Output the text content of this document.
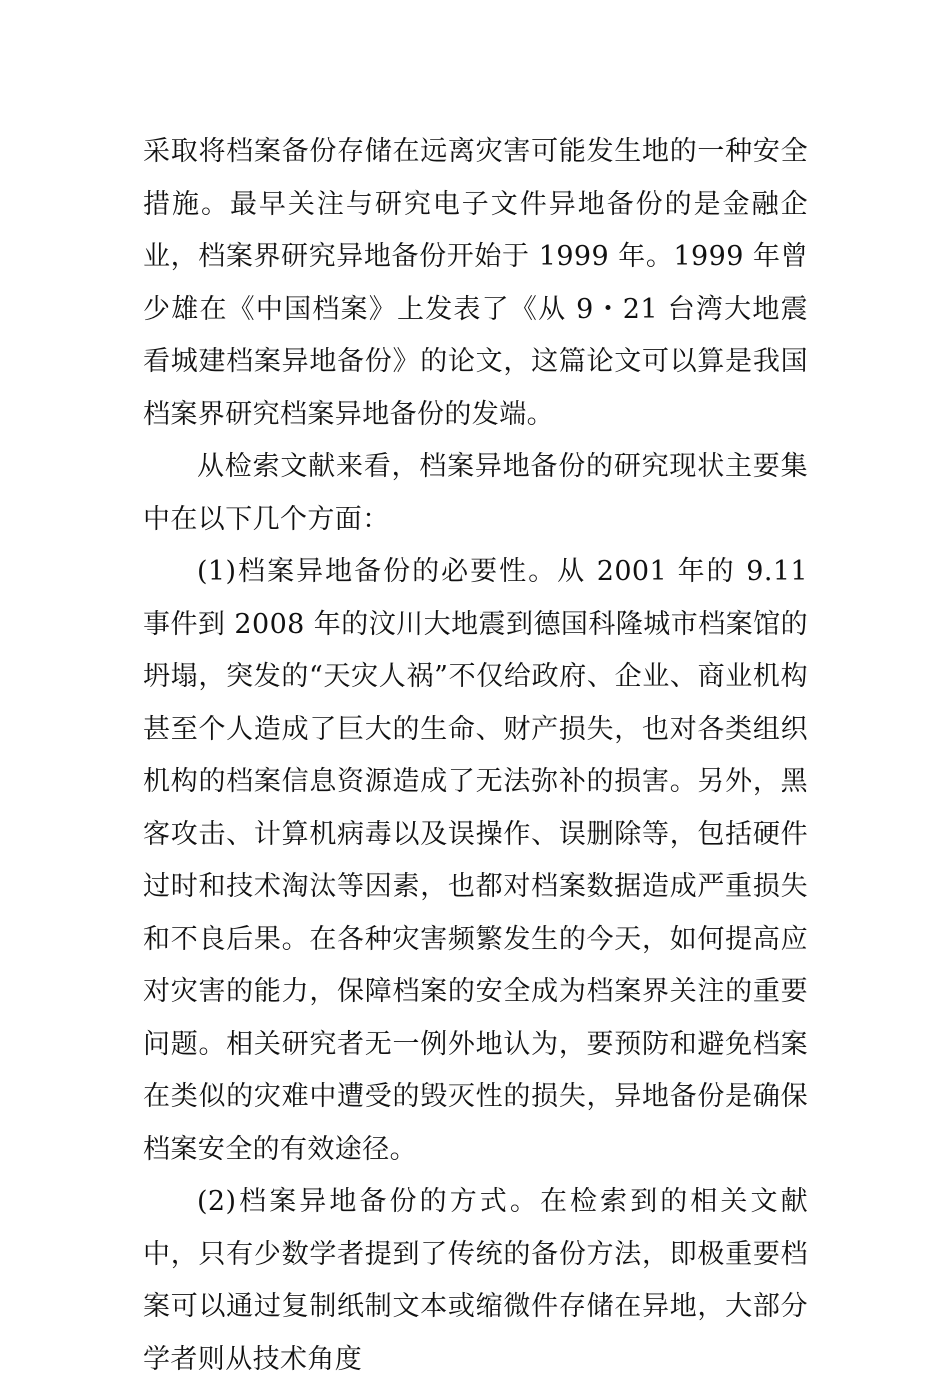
采取将档案备份存储在远离灾害可能发生地的一种安全措施。最早关注与研究电子文件异地备份的是金融企业，档案界研究异地备份开始于 1999 年。1999 年曾少雄在《中国档案》上发表了《从 9・21 台湾大地震看城建档案异地备份》的论文，这篇论文可以算是我国档案界研究档案异地备份的发端。

从检索文献来看，档案异地备份的研究现状主要集中在以下几个方面：

(1)档案异地备份的必要性。从 2001 年的 9.11 事件到 2008 年的汶川大地震到德国科隆城市档案馆的坍塌，突发的“天灾人祸”不仅给政府、企业、商业机构甚至个人造成了巨大的生命、财产损失，也对各类组织机构的档案信息资源造成了无法弥补的损害。另外，黑客攻击、计算机病毒以及误操作、误删除等，包括硬件过时和技术淘汰等因素，也都对档案数据造成严重损失和不良后果。在各种灾害频繁发生的今天，如何提高应对灾害的能力，保障档案的安全成为档案界关注的重要问题。相关研究者无一例外地认为，要预防和避免档案在类似的灾难中遭受的毁灭性的损失，异地备份是确保档案安全的有效途径。

(2)档案异地备份的方式。在检索到的相关文献中，只有少数学者提到了传统的备份方法，即极重要档案可以通过复制纸制文本或缩微件存储在异地，大部分学者则从技术角度
